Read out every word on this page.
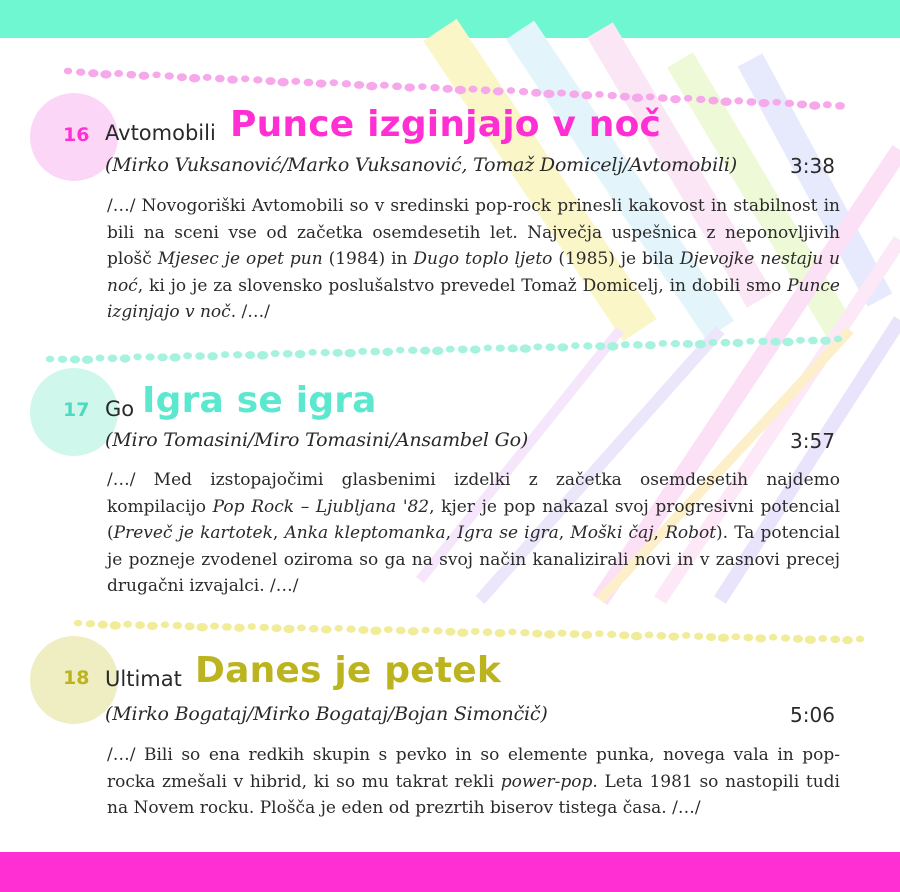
16 Avtomobili Punce izginjajo v noč
(Mirko Vuksanović/Marko Vuksanović, Tomaž Domicelj/Avtomobili)	3:38
/…/ Novogoriški Avtomobili so v sredinski pop-rock prinesli kakovost in stabilnost in bili na sceni vse od začetka osemdesetih let. Največja uspešnica z neponovljivih plošč Mjesec je opet pun (1984) in Dugo toplo ljeto (1985) je bila Djevojke nestaju u noć, ki jo je za slovensko poslušalstvo prevedel Tomaž Domicelj, in dobili smo Punce izginjajo v noč. /…/
17 Go Igra se igra
(Miro Tomasini/Miro Tomasini/Ansambel Go)	3:57
/…/ Med izstopajočimi glasbenimi izdelki z začetka osemdesetih najdemo kompilacijo Pop Rock – Ljubljana '82, kjer je pop nakazal svoj progresivni potencial (Preveč je kartotek, Anka kleptomanka, Igra se igra, Moški čaj, Robot). Ta potencial je pozneje zvodenel oziroma so ga na svoj način kanalizirali novi in v zasnovi precej drugačni izvajalci. /…/
18 Ultimat Danes je petek
(Mirko Bogataj/Mirko Bogataj/Bojan Simončič)	5:06
/…/ Bili so ena redkih skupin s pevko in so elemente punka, novega vala in pop-rocka zmešali v hibrid, ki so mu takrat rekli power-pop. Leta 1981 so nastopili tudi na Novem rocku. Plošča je eden od prezrtih biserov tistega časa. /…/
